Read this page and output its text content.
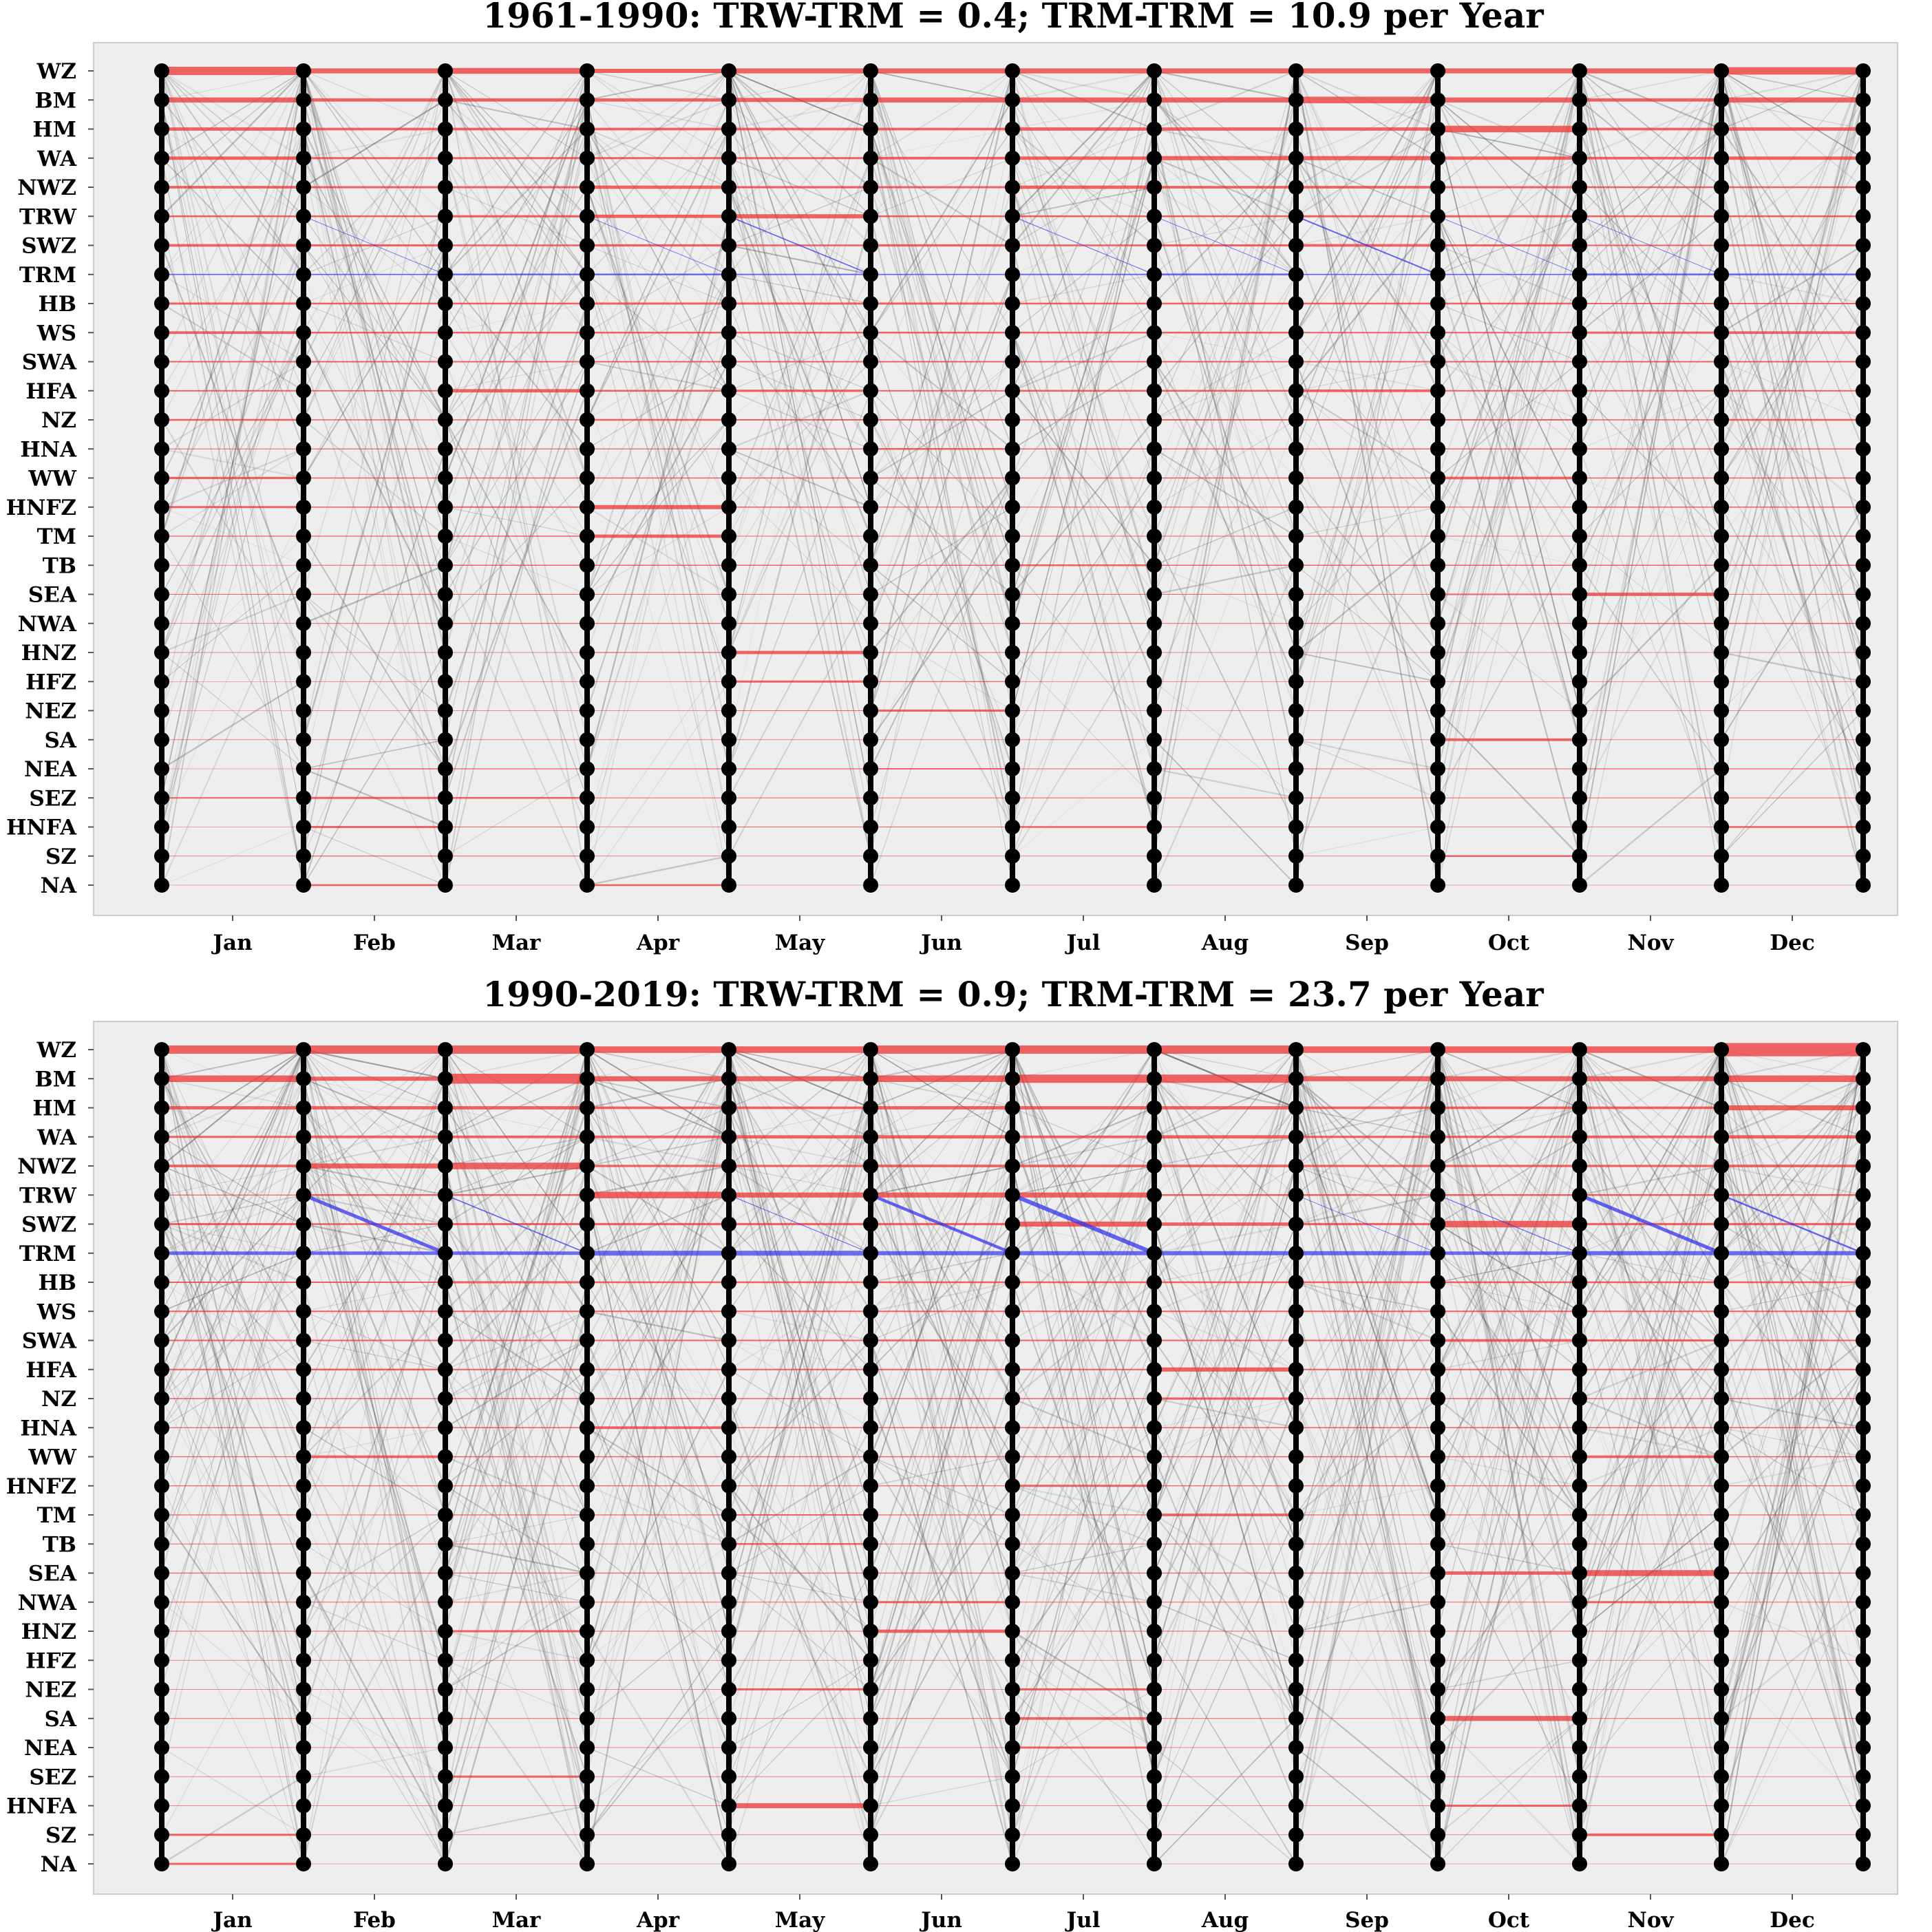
1961-1990: TRW-TRM = 0.4; TRM-TRM = 10.9 per Year
WZ
BM
HM
WA
NWZ
TRW
SWZ
TRM
HB
WS
SWA
HFA
NZ
HNA
WW
HNFZ
TM
TB
SEA
NWA
HNZ
HFZ
NEZ
SA
NEA
SEZ
HNFA
SZ
NA
Jan	Feb	Mar	Apr	May	Jun	Jul	Aug	Sep	Oct	Nov	Dec
1990-2019: TRW-TRM = 0.9; TRM-TRM = 23.7 per Year
WZ
BM
HM
WA
NWZ
TRW
SWZ
TRM
HB
WS
SWA
HFA
NZ
HNA
WW
HNFZ
TM
TB
SEA
NWA
HNZ
HFZ
NEZ
SA
NEA
SEZ
HNFA
SZ
NA
Jan	Feb	Mar	Apr	May	Jun	Jul	Aug	Sep	Oct	Nov	Dec
